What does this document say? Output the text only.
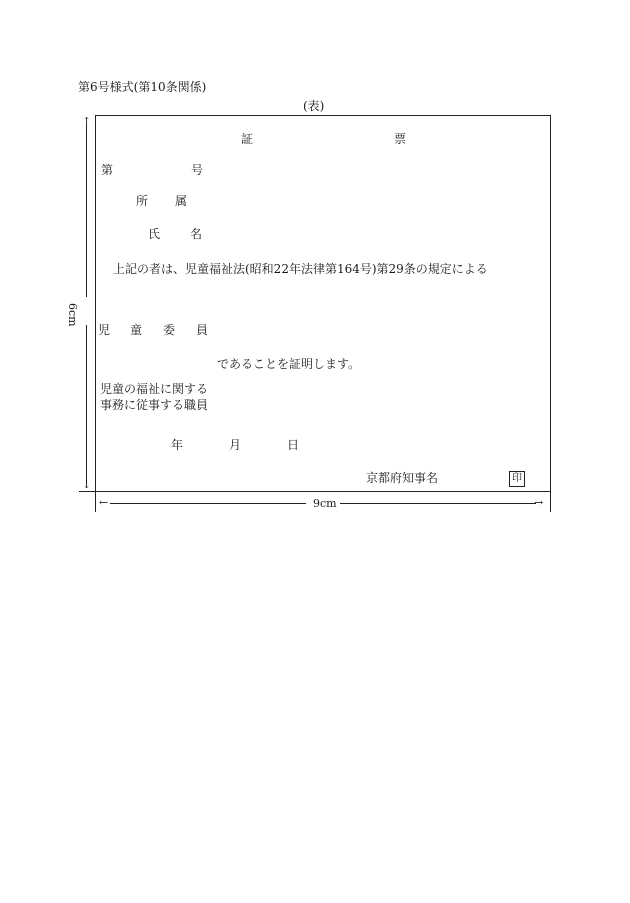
第6号様式(第10条関係)
(表)
↑
↓
6cm
←	→
9cm
証	票
第	号
所 属
氏 名
上記の者は、児童福祉法(昭和22年法律第164号)第29条の規定による
児 童 委 員
であることを証明します。
児童の福祉に関する
事務に従事する職員
年	月	日
京都府知事名	印
